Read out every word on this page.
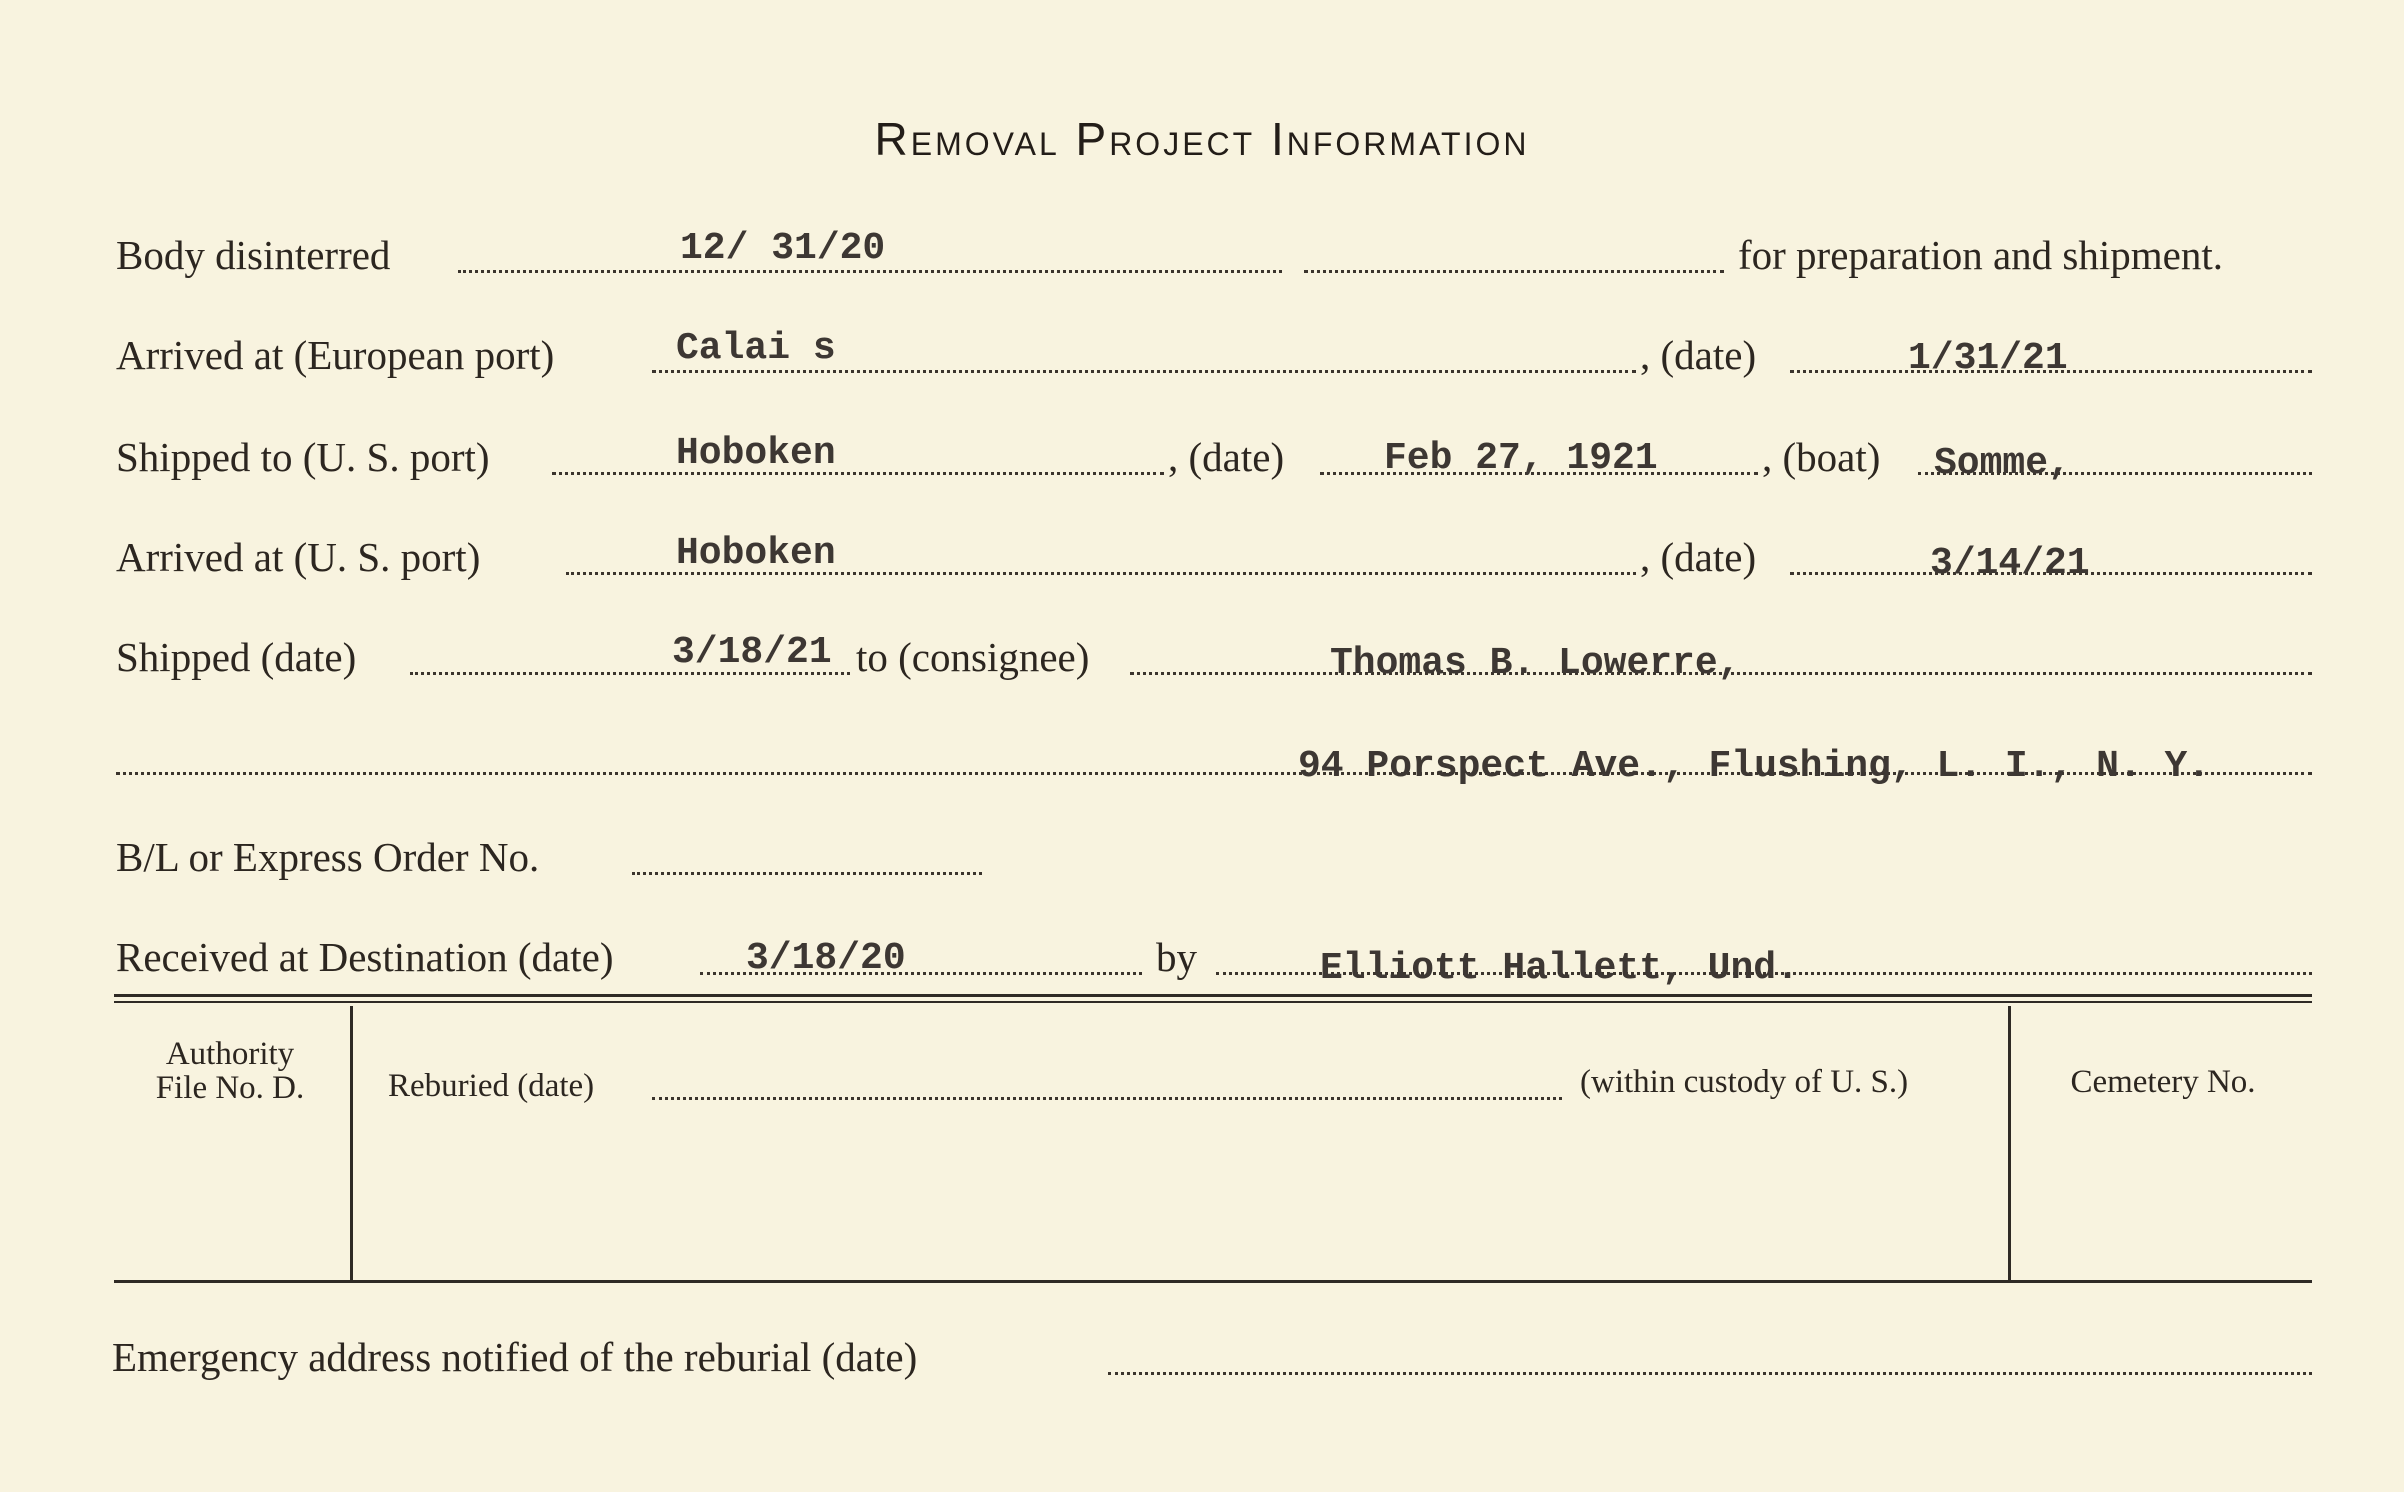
Removal Project Information
Body disinterred	12/ 31/20	for preparation and shipment.
Arrived at (European port)	Calai s	, (date)	1/31/21
Shipped to (U. S. port)	Hoboken	, (date)	Feb 27, 1921	, (boat) Somme,
Arrived at (U. S. port)	Hoboken	, (date)	3/14/21
Shipped (date)	3/18/21 to (consignee)	Thomas B. Lowerre,
94 Porspect Ave., Flushing, L. I., N. Y.
B/L or Express Order No.
Received at Destination (date)	3/18/20	by	Elliott Hallett, Und.
Authority
File No. D.	Reburied (date)	(within custody of U. S.)	Cemetery No.
Emergency address notified of the reburial (date)
